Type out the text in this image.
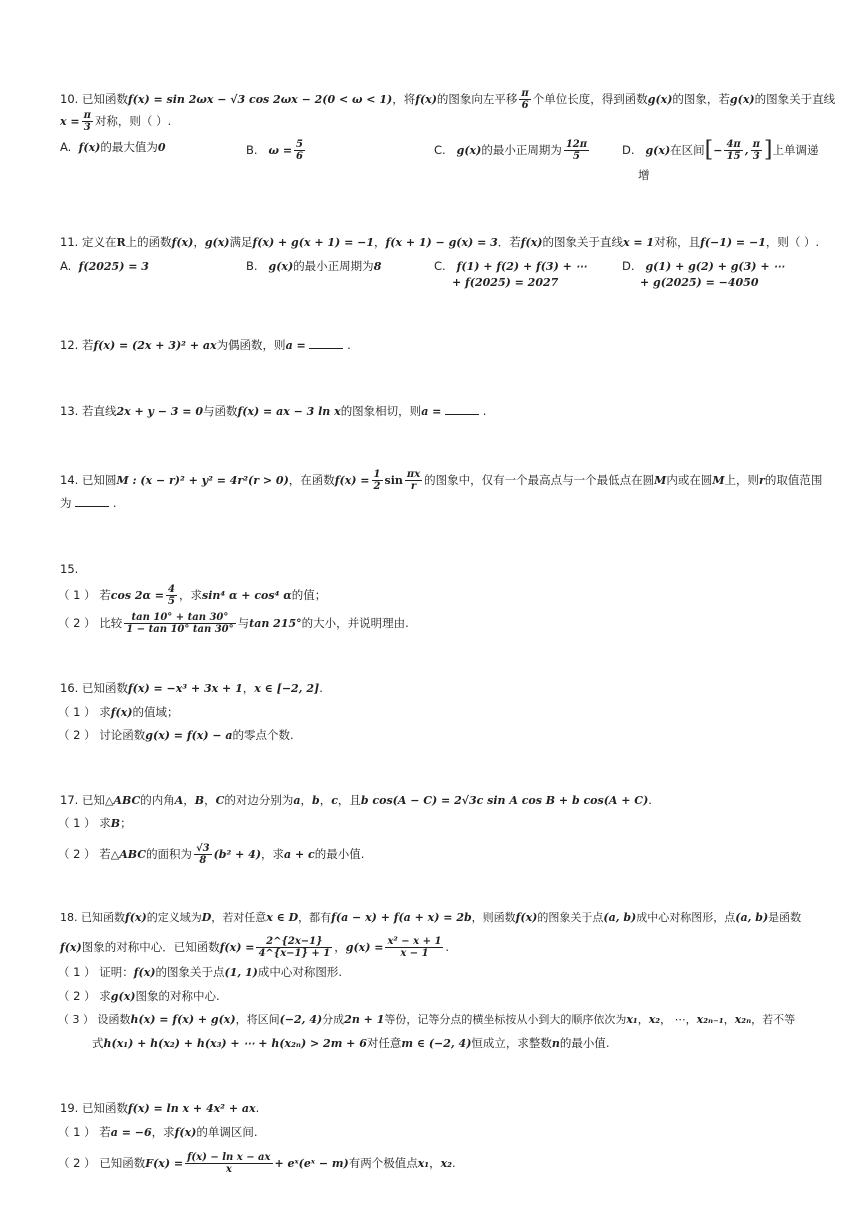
10. 已知函数f(x) = sin 2ωx − √3 cos 2ωx − 2(0 < ω < 1)，将f(x)的图象向左平移 $\frac{\pi}{6}$ 个单位长度，得到函数g(x)的图象，若g(x)的图象关于直线
$x = \frac{\pi}{3}$ 对称，则（ ）.
A. f(x)的最大值为0	B. $\omega = \frac{5}{6}$	C. g(x)的最小正周期为 $\frac{12\pi}{5}$	D. g(x)在区间[− $\frac{4\pi}{15}$ , $\frac{\pi}{3}$ ]上单调递
增
11. 定义在R上的函数f(x)，g(x)满足f(x) + g(x + 1) = −1，f(x + 1) − g(x) = 3．若f(x)的图象关于直线x = 1对称，且f(−1) = −1，则（ ）.
A. f(2025) = 3	B. g(x)的最小正周期为8	C. f(1) + f(2) + f(3) + ⋯
+ f(2025) = 2027
D. g(1) + g(2) + g(3) + ⋯
+ g(2025) = −4050
12. 若f(x) = (2x + 3)² + ax为偶函数，则a =	.
13. 若直线2x + y − 3 = 0与函数f(x) = ax − 3 ln x的图象相切，则a =	.
14. 已知圆M : (x − r)² + y² = 4r²(r > 0)，在函数$f(x) = \frac{1}{2}$ $\sin \frac{\pi x}{r}$ 的图象中，仅有一个最高点与一个最低点在圆M内或在圆M上，则r的取值范围
为	.
15.
（ 1 ） 若$\cos 2\alpha = \frac{4}{5}$ ，求sin⁴ α + cos⁴ α的值；
（ 2 ） 比较 $\frac{\tan 10^\circ + \tan 30^\circ}{1 - \tan 10^\circ \tan 30^\circ}$ 与tan 215°的大小，并说明理由.
16. 已知函数f(x) = −x³ + 3x + 1，x ∈ [−2, 2].
（ 1 ） 求f(x)的值域；
（ 2 ） 讨论函数g(x) = f(x) − a的零点个数.
17. 已知△ABC的内角A，B，C的对边分别为a，b，c，且b cos(A − C) = 2√3c sin A cos B + b cos(A + C).
（ 1 ） 求B；
（ 2 ） 若△ABC的面积为 $\frac{√3}{8} (b^2 + 4)$，求a + c的最小值.
18. 已知函数f(x)的定义域为D，若对任意x ∈ D，都有f(a − x) + f(a + x) = 2b，则函数f(x)的图象关于点(a, b)成中心对称图形，点(a, b)是函数
f(x)图象的对称中心．已知函数$f(x) = \frac{2\^{}\{2x-1\}}{4\^{}\{x-1\} + 1}$ ，$g(x) = \frac{\text{x² − x + 1}}{x - 1}$ .
（ 1 ） 证明：f(x)的图象关于点(1, 1)成中心对称图形.
（ 2 ） 求g(x)图象的对称中心.
（ 3 ） 设函数h(x) = f(x) + g(x)，将区间(−2, 4)分成2n + 1等份，记等分点的横坐标按从小到大的顺序依次为x₁，x₂， ⋯，x₂ₙ₋₁，x₂ₙ，若不等
式h(x₁) + h(x₂) + h(x₃) + ⋯ + h(x₂ₙ) > 2m + 6对任意m ∈ (−2, 4)恒成立，求整数n的最小值.
19. 已知函数f(x) = ln x + 4x² + ax.
（ 1 ） 若a = −6，求f(x)的单调区间.
（ 2 ） 已知函数$F(x) = \frac{\text{f(x) − ln x − ax}}{x}$ + eˣ(eˣ − m)有两个极值点x₁，x₂.
